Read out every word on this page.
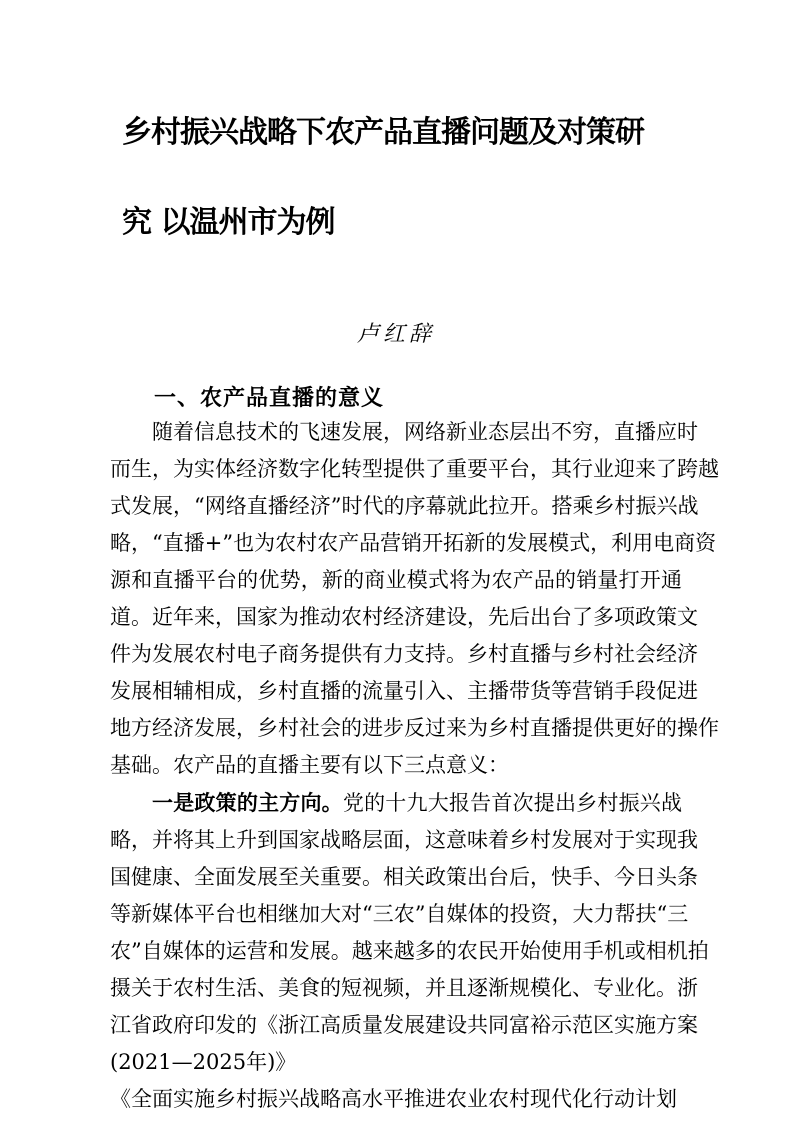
乡村振兴战略下农产品直播问题及对策研
究 以温州市为例
卢红辞
一、农产品直播的意义
随着信息技术的飞速发展，网络新业态层出不穷，直播应时
而生，为实体经济数字化转型提供了重要平台，其行业迎来了跨越
式发展，“网络直播经济”时代的序幕就此拉开。搭乘乡村振兴战
略，“直播+”也为农村农产品营销开拓新的发展模式，利用电商资
源和直播平台的优势，新的商业模式将为农产品的销量打开通
道。近年来，国家为推动农村经济建设，先后出台了多项政策文
件为发展农村电子商务提供有力支持。乡村直播与乡村社会经济
发展相辅相成，乡村直播的流量引入、主播带货等营销手段促进
地方经济发展，乡村社会的进步反过来为乡村直播提供更好的操作
基础。农产品的直播主要有以下三点意义：
一是政策的主方向。党的十九大报告首次提出乡村振兴战
略，并将其上升到国家战略层面，这意味着乡村发展对于实现我
国健康、全面发展至关重要。相关政策出台后，快手、今日头条
等新媒体平台也相继加大对“三农”自媒体的投资，大力帮扶“三
农”自媒体的运营和发展。越来越多的农民开始使用手机或相机拍
摄关于农村生活、美食的短视频，并且逐渐规模化、专业化。浙
江省政府印发的《浙江高质量发展建设共同富裕示范区实施方案
(2021—2025年)》
《全面实施乡村振兴战略高水平推进农业农村现代化行动计划
